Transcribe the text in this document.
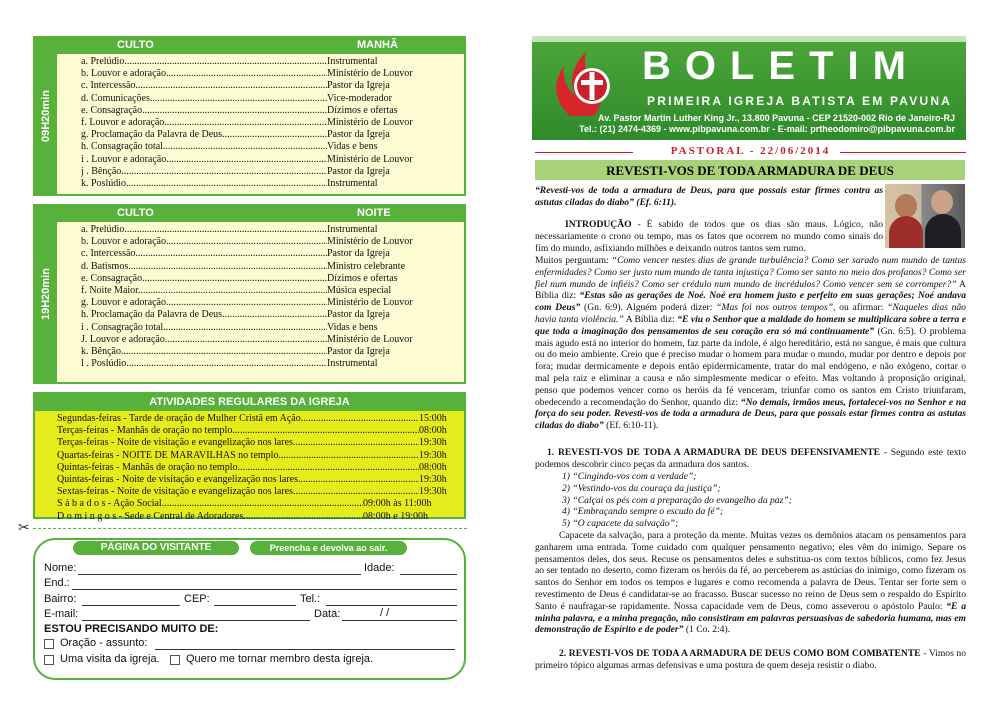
09H20min
CULTO	MANHÃ
a. Prelúdio .....	Instrumental
b. Louvor e adoração .....	Ministério de Louvor
c. Intercessão .....	Pastor da Igreja
d. Comunicações .....	Vice-moderador
e. Consagração .....	Dízimos e ofertas
f. Louvor e adoração .....	Ministério de Louvor
g. Proclamação da Palavra de Deus .....	Pastor da Igreja
h. Consagração total .....	Vidas e bens
i . Louvor e adoração .....	Ministério de Louvor
j . Bênção .....	Pastor da Igreja
k. Poslúdio .....	Instrumental
19H20min
CULTO	NOITE
a. Prelúdio .....	Instrumental
b. Louvor e adoração .....	Ministério de Louvor
c. Intercessão .....	Pastor da Igreja
d. Batismos .....	Ministro celebrante
e. Consagração .....	Dízimos e ofertas
f. Noite Maior .....	Música especial
g. Louvor e adoração .....	Ministério de Louvor
h. Proclamação da Palavra de Deus .....	Pastor da Igreja
i . Consagração total .....	Vidas e bens
J. Louvor e adoração .....	Ministério de Louvor
k. Bênção .....	Pastor da Igreja
l . Poslúdio .....	Instrumental
ATIVIDADES REGULARES DA IGREJA
Segundas-feiras - Tarde de oração de Mulher Cristã em Ação .....	15:00h
Terças-feiras - Manhãs de oração no templo .....	08:00h
Terças-feiras - Noite de visitação e evangelização nos lares .....	19:30h
Quartas-feiras - NOITE DE MARAVILHAS no templo .....	19:30h
Quintas-feiras - Manhãs de oração no templo .....	08:00h
Quintas-feiras - Noite de visitação e evangelização nos lares .....	19:30h
Sextas-feiras - Noite de visitação e evangelização nos lares .....	19:30h
S á b a d o s - Ação Social .....	09:00h às 11:00h
D o m i n g o s - Sede e Central de Adoradores .....	08:00h e 19:00h
✂
PÁGINA DO VISITANTE	Preencha e devolva ao sair.
Nome:	Idade:
End.:
Bairro:	CEP:	Tel.:
E-mail:	Data:	/ /
ESTOU PRECISANDO MUITO DE:
Oração - assunto:
Uma visita da igreja. Quero me tornar membro desta igreja.
BOLETIM
PRIMEIRA IGREJA BATISTA EM PAVUNA
Av. Pastor Martin Luther King Jr., 13.800 Pavuna - CEP 21520-002 Rio de Janeiro-RJ
Tel.: (21) 2474-4369 - www.pibpavuna.com.br - E-mail: prtheodomiro@pibpavuna.com.br
PASTORAL - 22/06/2014
REVESTI-VOS DE TODA ARMADURA DE DEUS

“Revesti-vos de toda a armadura de Deus, para que possais estar firmes contra as astutas ciladas do diabo” (Ef. 6:11).

INTRODUÇÃO - É sabido de todos que os dias são maus. Lógico, não necessariamente o crono ou tempo, mas os fatos que ocorrem no mundo como sinais do fim do mundo, asfixiando milhões e deixando outros tantos sem rumo.

Muitos perguntam: “Como vencer nestes dias de grande turbulência? Como ser sarado num mundo de tantas enfermidades? Como ser justo num mundo de tanta injustiça? Como ser santo no meio dos profanos? Como ser fiel num mundo de infiéis? Como ser crédulo num mundo de incrédulos? Como vencer sem se corromper?” A Bíblia diz: “Estas são as gerações de Noé. Noé era homem justo e perfeito em suas gerações; Noé andava com Deus” (Gn. 6:9). Alguém poderá dizer: “Mas foi nos outros tempos”, ou afirmar: “Naqueles dias não havia tanta violência.” A Bíblia diz: “E viu o Senhor que a maldade do homem se multiplicara sobre a terra e que toda a imaginação dos pensamentos de seu coração era só má continuamente” (Gn. 6:5). O problema mais agudo está no interior do homem, faz parte da índole, é algo hereditário, está no sangue, é mais que cultura ou do meio ambiente. Creio que é preciso mudar o homem para mudar o mundo, mudar por dentro e depois por fora; mudar dermicamente e depois então epidermicamente, tratar do mal endógeno, e não exógeno, cortar o mal pela raiz e eliminar a causa e não simplesmente medicar o efeito. Mas voltando à proposição original, penso que podemos vencer como os heróis da fé venceram, triunfar como os santos em Cristo triunfaram, obedecendo a recomendação do Senhor, quando diz: “No demais, irmãos meus, fortalecei-vos no Senhor e na força do seu poder. Revesti-vos de toda a armadura de Deus, para que possais estar firmes contra as astutas ciladas do diabo” (Ef. 6:10-11).

1. REVESTI-VOS DE TODA A ARMADURA DE DEUS DEFENSIVAMENTE - Segundo este texto podemos descobrir cinco peças da armadura dos santos.

1) “Cingindo-vos com a verdade”;
2) “Vestindo-vos da couraça da justiça”;
3) “Calçai os pés com a preparação do evangelho da paz”;
4) “Embraçando sempre o escudo da fé”;
5) “O capacete da salvação”;

Capacete da salvação, para a proteção da mente. Muitas vezes os demônios atacam os pensamentos para ganharem uma entrada. Tome cuidado com qualquer pensamento negativo; eles vêm do inimigo. Separe os pensamentos deles, dos seus. Recuse os pensamentos deles e substitua-os com textos bíblicos, como fez Jesus ao ser tentado no deserto, como fizeram os heróis da fé, ao perceberem as astúcias do inimigo, como fizeram os santos do Senhor em todos os tempos e lugares e como recomenda a palavra de Deus. Tentar ser forte sem o revestimento de Deus é candidatar-se ao fracasso. Buscar sucesso no reino de Deus sem o respaldo do Espírito Santo é naufragar-se rapidamente. Nossa capacidade vem de Deus, como asseverou o apóstolo Paulo: “E a minha palavra, e a minha pregação, não consistiram em palavras persuasivas de sabedoria humana, mas em demonstração de Espírito e de poder” (1 Co. 2:4).

2. REVESTI-VOS DE TODA A ARMADURA DE DEUS COMO BOM COMBATENTE - Vimos no primeiro tópico algumas armas defensivas e uma postura de quem deseja resistir o diabo.
